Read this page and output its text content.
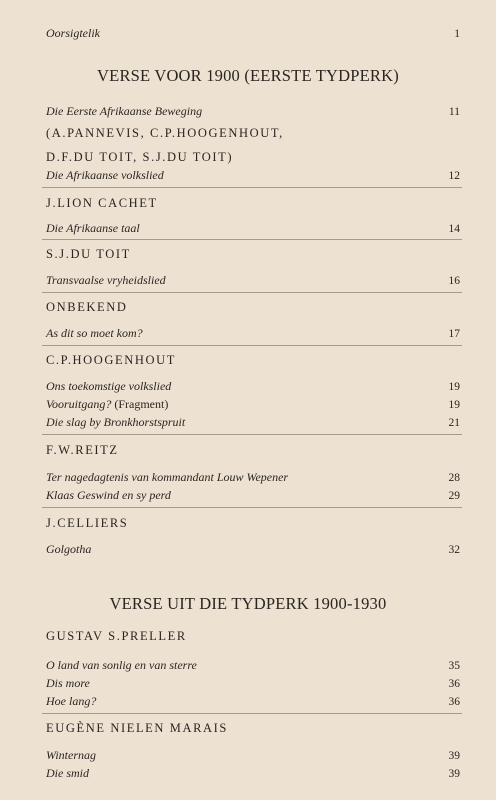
Oorsigtelik	1
VERSE VOOR 1900 (EERSTE TYDPERK)
Die Eerste Afrikaanse Beweging	11
(A.PANNEVIS, C.P.HOOGENHOUT,
D.F.DU TOIT, S.J.DU TOIT)
Die Afrikaanse volkslied	12
J.LION CACHET
Die Afrikaanse taal	14
S.J.DU TOIT
Transvaalse vryheidslied	16
ONBEKEND
As dit so moet kom?	17
C.P.HOOGENHOUT
Ons toekomstige volkslied	19
Vooruitgang? (Fragment)	19
Die slag by Bronkhorstspruit	21
F.W.REITZ
Ter nagedagtenis van kommandant Louw Wepener	28
Klaas Geswind en sy perd	29
J.CELLIERS
Golgotha	32
VERSE UIT DIE TYDPERK 1900-1930
GUSTAV S.PRELLER
O land van sonlig en van sterre	35
Dis more	36
Hoe lang?	36
EUGÈNE NIELEN MARAIS
Winternag	39
Die smid	39
